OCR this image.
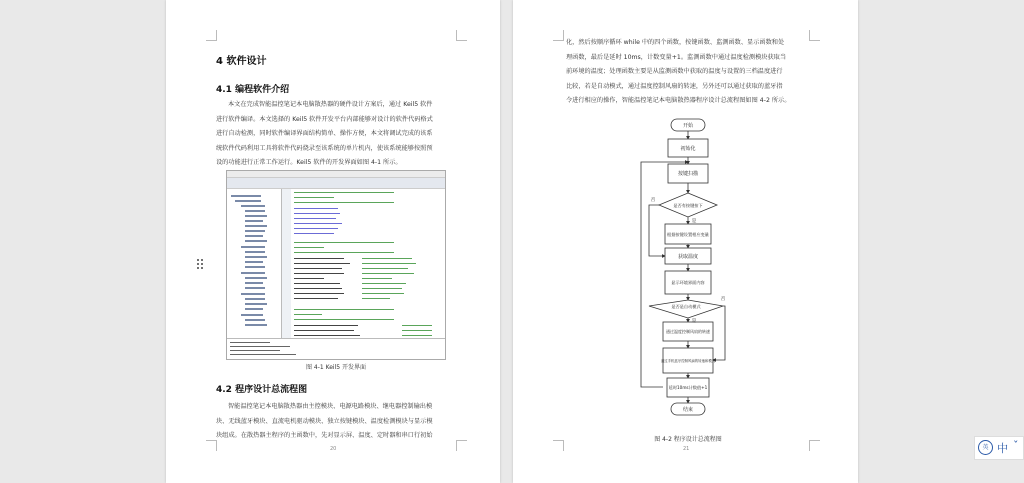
4 软件设计
4.1 编程软件介绍
本文在完成智能温控笔记本电脑散热器的硬件设计方案后，通过 Keil5 软件
进行软件编译。本文选择的 Keil5 软件开发平台内部能够对设计的软件代码格式
进行自动检测，同时软件编译界面结构简单、操作方便，本文将调试完成的该系
统软件代码利用工具将软件代码烧录至该系统的单片机内，使该系统能够按照预
设的功能进行正常工作运行。Keil5 软件的开发界面如图 4-1 所示。
图 4-1 Keil5 开发界面
4.2 程序设计总流程图
智能温控笔记本电脑散热器由主控模块、电源电路模块、继电器控制输出模
块、无线蓝牙模块、直流电机驱动模块、独立按键模块、温度检测模块与显示模
块组成。在散热器主程序的主函数中，先对显示屏、温度、定时器和串口行初始
20
化，然后按顺序循环 while 中的四个函数，按键函数、监测函数、显示函数和处
理函数，最后是延时 10ms，计数变量+1。监测函数中通过温度检测模块获取当
前环境的温度；处理函数主要是从监测函数中获取的温度与设置的三档温度进行
比较，若是自动模式，通过温度控制风扇的转速，另外还可以通过获取的蓝牙指
令进行相应的操作，智能温控笔记本电脑散热器程序设计总流程图如图 4-2 所示。
开始
初始化
按键扫描
是否有按键按下
根据按键设置相应变量
获取温度
显示环境界面内容
是否是自动模式
通过温度控制风扇的转速
通过手机蓝牙控制风扇的转速和模式
延时10ms计数值+1
结束
是
否
是
否
图 4-2 程序设计总流程图
21	英 中 ˇ
